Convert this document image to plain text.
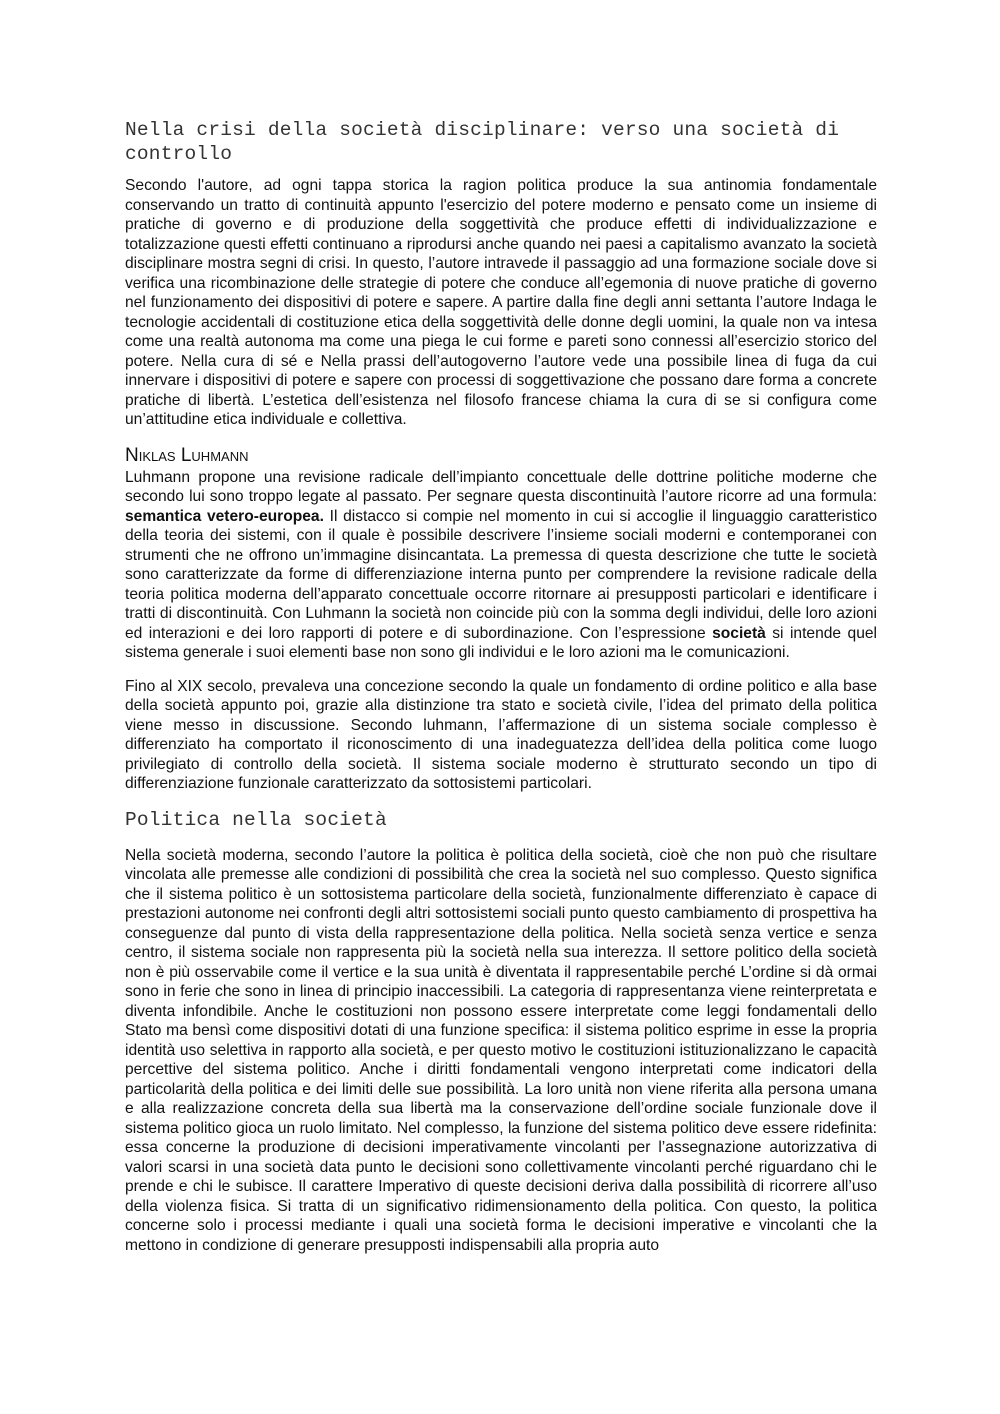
Nella crisi della società disciplinare: verso una società di controllo

Secondo l'autore, ad ogni tappa storica la ragion politica produce la sua antinomia fondamentale conservando un tratto di continuità appunto l'esercizio del potere moderno e pensato come un insieme di pratiche di governo e di produzione della soggettività che produce effetti di individualizzazione e totalizzazione questi effetti continuano a riprodursi anche quando nei paesi a capitalismo avanzato la società disciplinare mostra segni di crisi. In questo, l’autore intravede il passaggio ad una formazione sociale dove si verifica una ricombinazione delle strategie di potere che conduce all’egemonia di nuove pratiche di governo nel funzionamento dei dispositivi di potere e sapere. A partire dalla fine degli anni settanta l’autore Indaga le tecnologie accidentali di costituzione etica della soggettività delle donne degli uomini, la quale non va intesa come una realtà autonoma ma come una piega le cui forme e pareti sono connessi all’esercizio storico del potere. Nella cura di sé e Nella prassi dell’autogoverno l’autore vede una possibile linea di fuga da cui innervare i dispositivi di potere e sapere con processi di soggettivazione che possano dare forma a concrete pratiche di libertà. L’estetica dell’esistenza nel filosofo francese chiama la cura di se si configura come un’attitudine etica individuale e collettiva.

Niklas Luhmann

Luhmann propone una revisione radicale dell’impianto concettuale delle dottrine politiche moderne che secondo lui sono troppo legate al passato. Per segnare questa discontinuità l’autore ricorre ad una formula: semantica vetero-europea. Il distacco si compie nel momento in cui si accoglie il linguaggio caratteristico della teoria dei sistemi, con il quale è possibile descrivere l’insieme sociali moderni e contemporanei con strumenti che ne offrono un’immagine disincantata. La premessa di questa descrizione che tutte le società sono caratterizzate da forme di differenziazione interna punto per comprendere la revisione radicale della teoria politica moderna dell’apparato concettuale occorre ritornare ai presupposti particolari e identificare i tratti di discontinuità. Con Luhmann la società non coincide più con la somma degli individui, delle loro azioni ed interazioni e dei loro rapporti di potere e di subordinazione. Con l’espressione società si intende quel sistema generale i suoi elementi base non sono gli individui e le loro azioni ma le comunicazioni.

Fino al XIX secolo, prevaleva una concezione secondo la quale un fondamento di ordine politico e alla base della società appunto poi, grazie alla distinzione tra stato e società civile, l’idea del primato della politica viene messo in discussione. Secondo luhmann, l’affermazione di un sistema sociale complesso è differenziato ha comportato il riconoscimento di una inadeguatezza dell’idea della politica come luogo privilegiato di controllo della società. Il sistema sociale moderno è strutturato secondo un tipo di differenziazione funzionale caratterizzato da sottosistemi particolari.

Politica nella società

Nella società moderna, secondo l’autore la politica è politica della società, cioè che non può che risultare vincolata alle premesse alle condizioni di possibilità che crea la società nel suo complesso. Questo significa che il sistema politico è un sottosistema particolare della società, funzionalmente differenziato è capace di prestazioni autonome nei confronti degli altri sottosistemi sociali punto questo cambiamento di prospettiva ha conseguenze dal punto di vista della rappresentazione della politica. Nella società senza vertice e senza centro, il sistema sociale non rappresenta più la società nella sua interezza. Il settore politico della società non è più osservabile come il vertice e la sua unità è diventata il rappresentabile perché L’ordine si dà ormai sono in ferie che sono in linea di principio inaccessibili. La categoria di rappresentanza viene reinterpretata e diventa infondibile. Anche le costituzioni non possono essere interpretate come leggi fondamentali dello Stato ma bensì come dispositivi dotati di una funzione specifica: il sistema politico esprime in esse la propria identità uso selettiva in rapporto alla società, e per questo motivo le costituzioni istituzionalizzano le capacità percettive del sistema politico. Anche i diritti fondamentali vengono interpretati come indicatori della particolarità della politica e dei limiti delle sue possibilità. La loro unità non viene riferita alla persona umana e alla realizzazione concreta della sua libertà ma la conservazione dell’ordine sociale funzionale dove il sistema politico gioca un ruolo limitato. Nel complesso, la funzione del sistema politico deve essere ridefinita: essa concerne la produzione di decisioni imperativamente vincolanti per l’assegnazione autorizzativa di valori scarsi in una società data punto le decisioni sono collettivamente vincolanti perché riguardano chi le prende e chi le subisce. Il carattere Imperativo di queste decisioni deriva dalla possibilità di ricorrere all’uso della violenza fisica. Si tratta di un significativo ridimensionamento della politica. Con questo, la politica concerne solo i processi mediante i quali una società forma le decisioni imperative e vincolanti che la mettono in condizione di generare presupposti indispensabili alla propria auto
